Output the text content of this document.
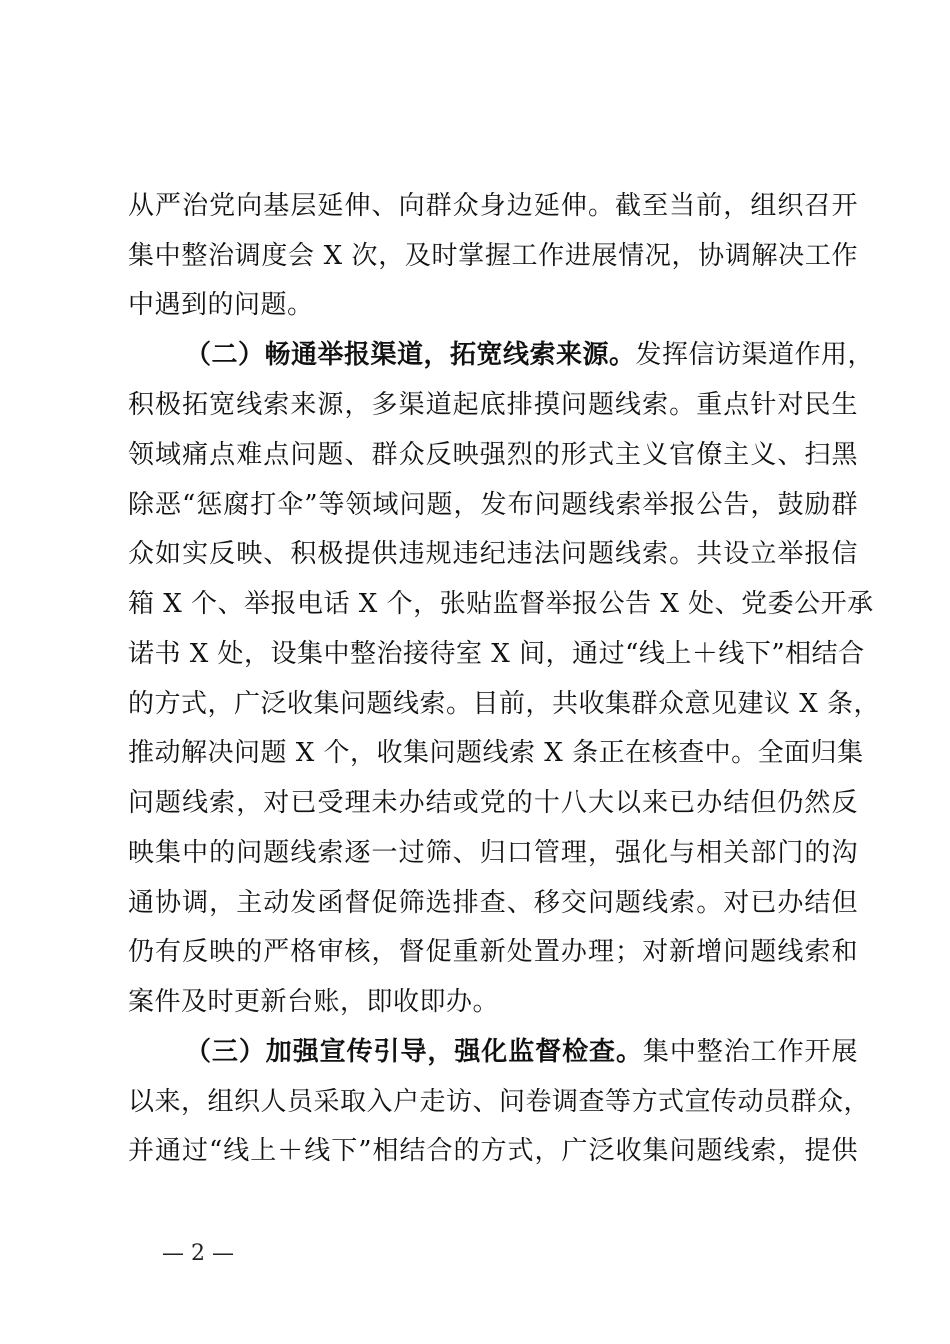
从严治党向基层延伸、向群众身边延伸。截至当前，组织召开
集中整治调度会 X 次，及时掌握工作进展情况，协调解决工作
中遇到的问题。
（二）畅通举报渠道，拓宽线索来源。发挥信访渠道作用，
积极拓宽线索来源，多渠道起底排摸问题线索。重点针对民生
领域痛点难点问题、群众反映强烈的形式主义官僚主义、扫黑
除恶“惩腐打伞”等领域问题，发布问题线索举报公告，鼓励群
众如实反映、积极提供违规违纪违法问题线索。共设立举报信
箱 X 个、举报电话 X 个，张贴监督举报公告 X 处、党委公开承
诺书 X 处，设集中整治接待室 X 间，通过“线上＋线下”相结合
的方式，广泛收集问题线索。目前，共收集群众意见建议 X 条，
推动解决问题 X 个，收集问题线索 X 条正在核查中。全面归集
问题线索，对已受理未办结或党的十八大以来已办结但仍然反
映集中的问题线索逐一过筛、归口管理，强化与相关部门的沟
通协调，主动发函督促筛选排查、移交问题线索。对已办结但
仍有反映的严格审核，督促重新处置办理；对新增问题线索和
案件及时更新台账，即收即办。
（三）加强宣传引导，强化监督检查。集中整治工作开展
以来，组织人员采取入户走访、问卷调查等方式宣传动员群众，
并通过“线上＋线下”相结合的方式，广泛收集问题线索，提供
— 2 —
